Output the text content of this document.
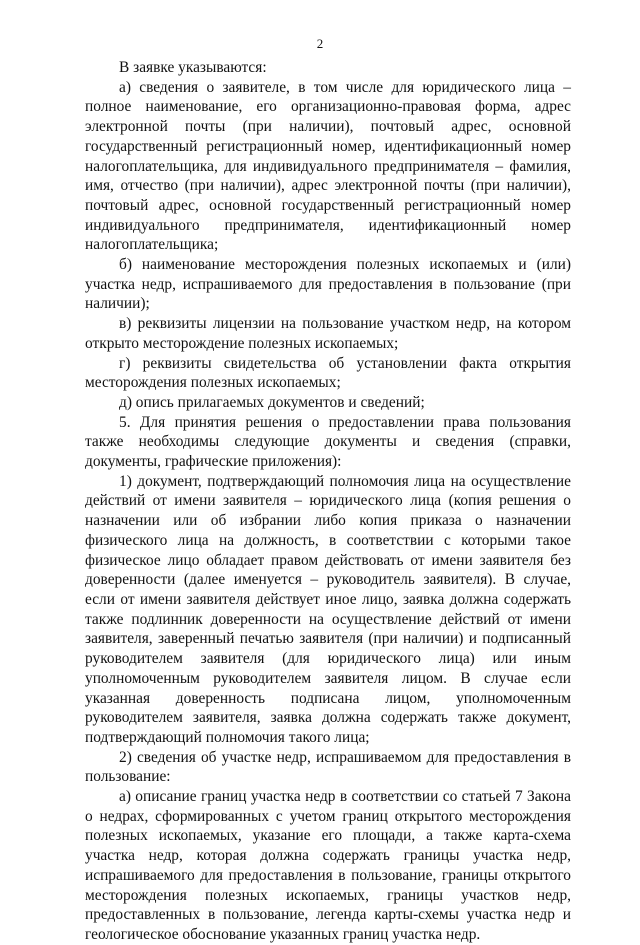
2

В заявке указываются:

а) сведения о заявителе, в том числе для юридического лица – полное наименование, его организационно-правовая форма, адрес электронной почты (при наличии), почтовый адрес, основной государственный регистрационный номер, идентификационный номер налогоплательщика, для индивидуального предпринимателя – фамилия, имя, отчество (при наличии), адрес электронной почты (при наличии), почтовый адрес, основной государственный регистрационный номер индивидуального предпринимателя, идентификационный номер налогоплательщика;

б) наименование месторождения полезных ископаемых и (или) участка недр, испрашиваемого для предоставления в пользование (при наличии);

в) реквизиты лицензии на пользование участком недр, на котором открыто месторождение полезных ископаемых;

г) реквизиты свидетельства об установлении факта открытия месторождения полезных ископаемых;

д) опись прилагаемых документов и сведений;

5. Для принятия решения о предоставлении права пользования также необходимы следующие документы и сведения (справки, документы, графические приложения):

1) документ, подтверждающий полномочия лица на осуществление действий от имени заявителя – юридического лица (копия решения о назначении или об избрании либо копия приказа о назначении физического лица на должность, в соответствии с которыми такое физическое лицо обладает правом действовать от имени заявителя без доверенности (далее именуется – руководитель заявителя). В случае, если от имени заявителя действует иное лицо, заявка должна содержать также подлинник доверенности на осуществление действий от имени заявителя, заверенный печатью заявителя (при наличии) и подписанный руководителем заявителя (для юридического лица) или иным уполномоченным руководителем заявителя лицом. В случае если указанная доверенность подписана лицом, уполномоченным руководителем заявителя, заявка должна содержать также документ, подтверждающий полномочия такого лица;

2) сведения об участке недр, испрашиваемом для предоставления в пользование:

а) описание границ участка недр в соответствии со статьей 7 Закона о недрах, сформированных с учетом границ открытого месторождения полезных ископаемых, указание его площади, а также карта-схема участка недр, которая должна содержать границы участка недр, испрашиваемого для предоставления в пользование, границы открытого месторождения полезных ископаемых, границы участков недр, предоставленных в пользование, легенда карты-схемы участка недр и геологическое обоснование указанных границ участка недр.
